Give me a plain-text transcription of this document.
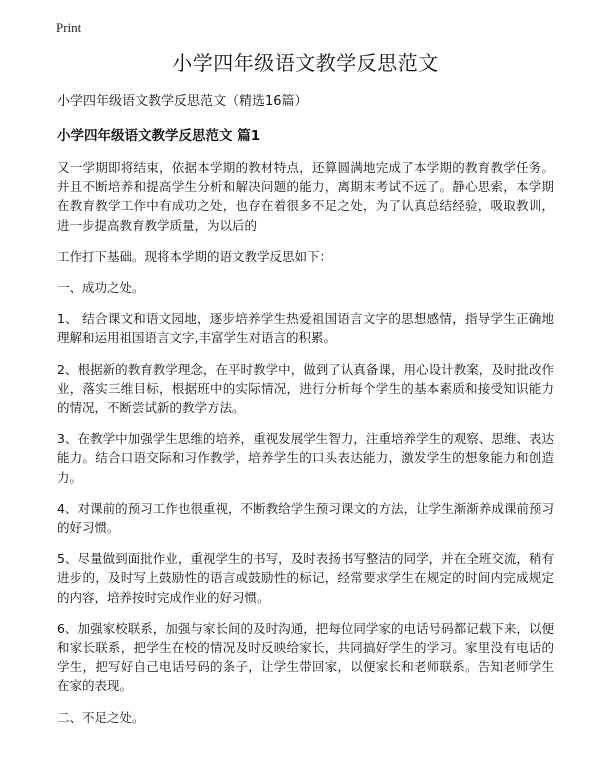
Print
小学四年级语文教学反思范文
小学四年级语文教学反思范文（精选16篇）
小学四年级语文教学反思范文 篇1
又一学期即将结束，依据本学期的教材特点，还算圆满地完成了本学期的教育教学任务。并且不断培养和提高学生分析和解决问题的能力，离期末考试不远了。静心思索，本学期在教育教学工作中有成功之处，也存在着很多不足之处，为了认真总结经验，吸取教训，进一步提高教育教学质量，为以后的
工作打下基础。现将本学期的语文教学反思如下：
一、成功之处。
1、 结合课文和语文园地，逐步培养学生热爱祖国语言文字的思想感情，指导学生正确地理解和运用祖国语言文字,丰富学生对语言的积累。
2、根据新的教育教学理念，在平时教学中，做到了认真备课，用心设计教案，及时批改作业，落实三维目标，根据班中的实际情况，进行分析每个学生的基本素质和接受知识能力的情况，不断尝试新的教学方法。
3、在教学中加强学生思维的培养，重视发展学生智力，注重培养学生的观察、思维、表达能力。结合口语交际和习作教学，培养学生的口头表达能力，激发学生的想象能力和创造力。
4、对课前的预习工作也很重视，不断教给学生预习课文的方法，让学生渐渐养成课前预习的好习惯。
5、尽量做到面批作业，重视学生的书写，及时表扬书写整洁的同学，并在全班交流，稍有进步的，及时写上鼓励性的语言或鼓励性的标记，经常要求学生在规定的时间内完成规定的内容，培养按时完成作业的好习惯。
6、加强家校联系，加强与家长间的及时沟通，把每位同学家的电话号码都记载下来，以便和家长联系，把学生在校的情况及时反映给家长，共同搞好学生的学习。家里没有电话的学生，把写好自己电话号码的条子，让学生带回家，以便家长和老师联系。告知老师学生在家的表现。
二、不足之处。
